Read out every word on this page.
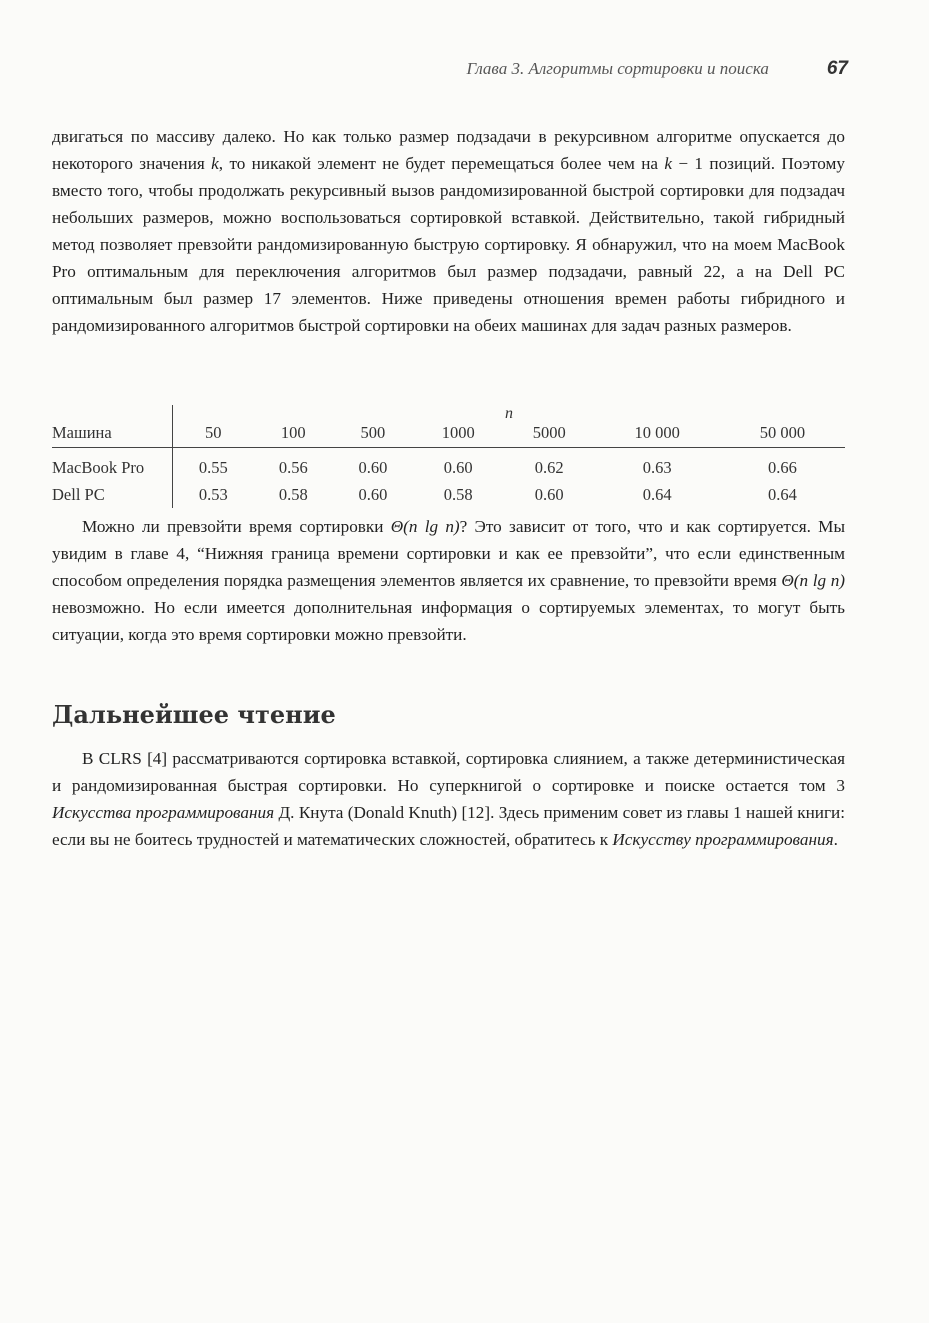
Глава 3. Алгоритмы сортировки и поиска	67

двигаться по массиву далеко. Но как только размер подзадачи в рекурсивном алгоритме опускается до некоторого значения k, то никакой элемент не будет перемещаться более чем на k − 1 позиций. Поэтому вместо того, чтобы продолжать рекурсивный вызов рандомизированной быстрой сортировки для подзадач небольших размеров, можно воспользоваться сортировкой вставкой. Действительно, такой гибридный метод позволяет превзойти рандомизированную быструю сортировку. Я обнаружил, что на моем MacBook Pro оптимальным для переключения алгоритмов был размер подзадачи, равный 22, а на Dell PC оптимальным был размер 17 элементов. Ниже приведены отношения времен работы гибридного и рандомизированного алгоритмов быстрой сортировки на обеих машинах для задач разных размеров.

	n						
Машина	50	100	500	1000	5000	10 000	50 000
MacBook Pro	0.55	0.56	0.60	0.60	0.62	0.63	0.66
Dell PC	0.53	0.58	0.60	0.58	0.60	0.64	0.64

Можно ли превзойти время сортировки Θ(n lg n)? Это зависит от того, что и как сортируется. Мы увидим в главе 4, “Нижняя граница времени сортировки и как ее превзойти”, что если единственным способом определения порядка размещения элементов является их сравнение, то превзойти время Θ(n lg n) невозможно. Но если имеется дополнительная информация о сортируемых элементах, то могут быть ситуации, когда это время сортировки можно превзойти.

Дальнейшее чтение

В CLRS [4] рассматриваются сортировка вставкой, сортировка слиянием, а также детерминистическая и рандомизированная быстрая сортировки. Но суперкнигой о сортировке и поиске остается том 3 Искусства программирования Д. Кнута (Donald Knuth) [12]. Здесь применим совет из главы 1 нашей книги: если вы не боитесь трудностей и математических сложностей, обратитесь к Искусству программирования.
